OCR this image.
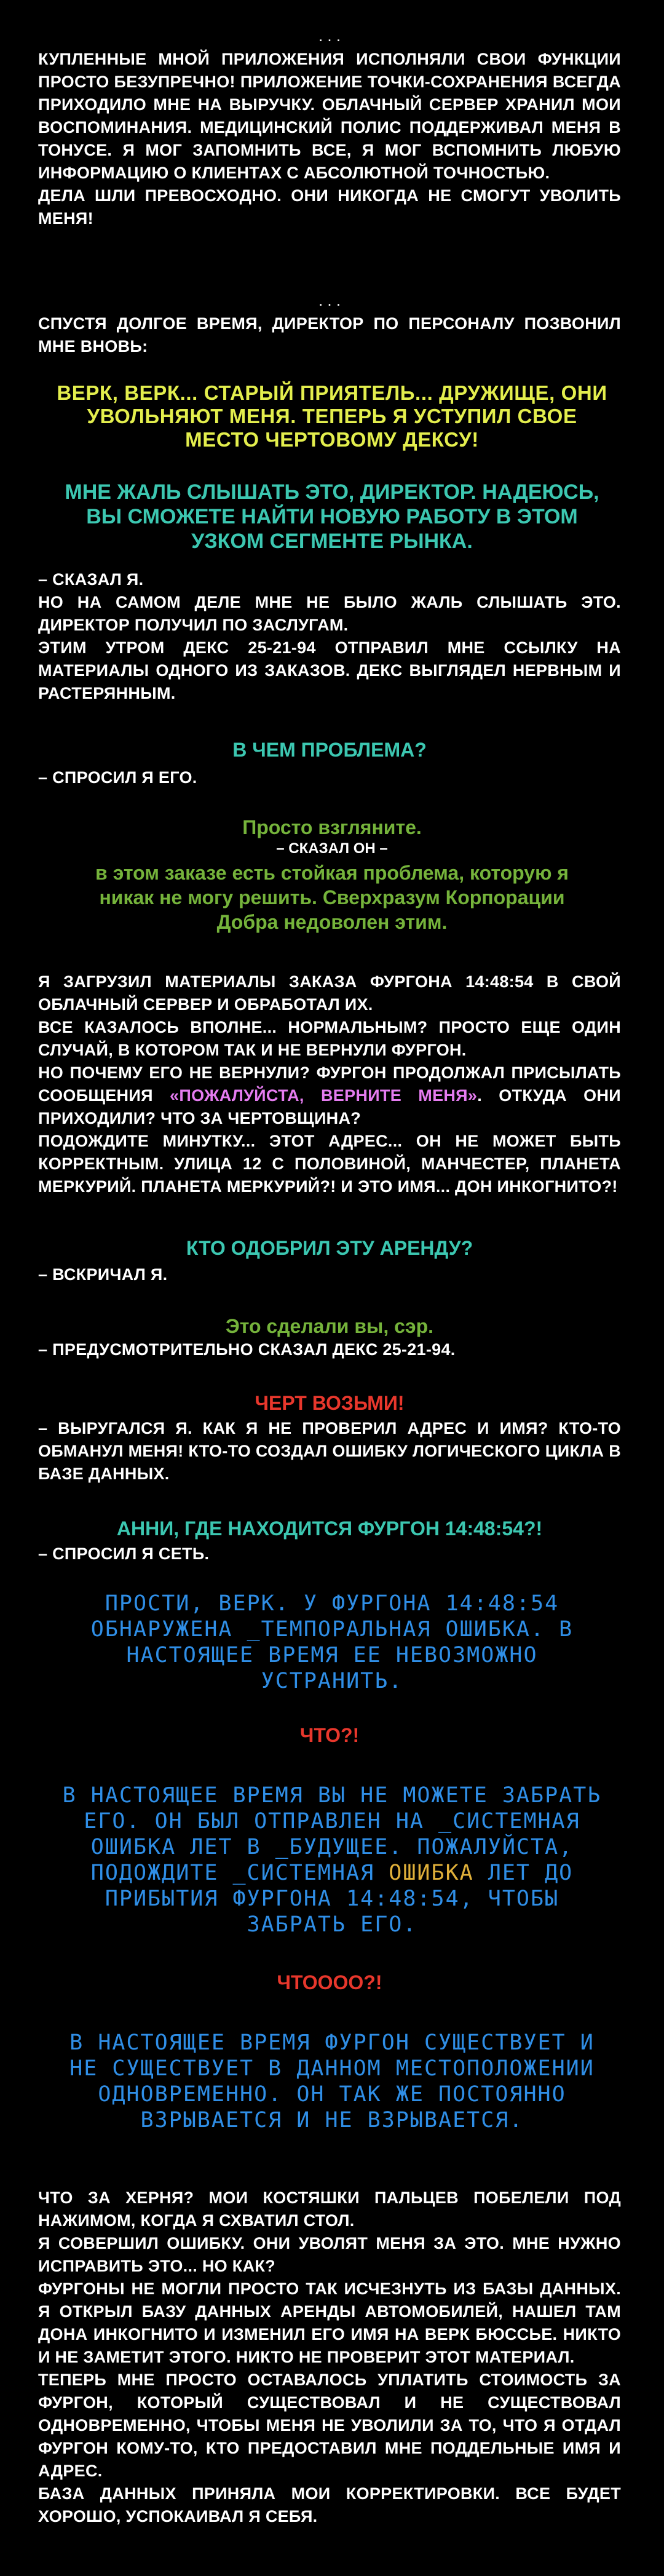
. . .

КУПЛЕННЫЕ МНОЙ ПРИЛОЖЕНИЯ ИСПОЛНЯЛИ СВОИ ФУНКЦИИ ПРОСТО БЕЗУПРЕЧНО! ПРИЛОЖЕНИЕ ТОЧКИ-СОХРАНЕНИЯ ВСЕГДА ПРИХОДИЛО МНЕ НА ВЫРУЧКУ. ОБЛАЧНЫЙ СЕРВЕР ХРАНИЛ МОИ ВОСПОМИНАНИЯ. МЕДИЦИНСКИЙ ПОЛИС ПОДДЕРЖИВАЛ МЕНЯ В ТОНУСЕ. Я МОГ ЗАПОМНИТЬ ВСЕ, Я МОГ ВСПОМНИТЬ ЛЮБУЮ ИНФОРМАЦИЮ О КЛИЕНТАХ С АБСОЛЮТНОЙ ТОЧНОСТЬЮ.

ДЕЛА ШЛИ ПРЕВОСХОДНО. ОНИ НИКОГДА НЕ СМОГУТ УВОЛИТЬ МЕНЯ!

. . .

СПУСТЯ ДОЛГОЕ ВРЕМЯ, ДИРЕКТОР ПО ПЕРСОНАЛУ ПОЗВОНИЛ МНЕ ВНОВЬ:

ВЕРК, ВЕРК... СТАРЫЙ ПРИЯТЕЛЬ... ДРУЖИЩЕ, ОНИ УВОЛЬНЯЮТ МЕНЯ. ТЕПЕРЬ Я УСТУПИЛ СВОЕ МЕСТО ЧЕРТОВОМУ ДЕКСУ!

МНЕ ЖАЛЬ СЛЫШАТЬ ЭТО, ДИРЕКТОР. НАДЕЮСЬ, ВЫ СМОЖЕТЕ НАЙТИ НОВУЮ РАБОТУ В ЭТОМ УЗКОМ СЕГМЕНТЕ РЫНКА.

– СКАЗАЛ Я.

НО НА САМОМ ДЕЛЕ МНЕ НЕ БЫЛО ЖАЛЬ СЛЫШАТЬ ЭТО. ДИРЕКТОР ПОЛУЧИЛ ПО ЗАСЛУГАМ.

ЭТИМ УТРОМ ДЕКС 25-21-94 ОТПРАВИЛ МНЕ ССЫЛКУ НА МАТЕРИАЛЫ ОДНОГО ИЗ ЗАКАЗОВ. ДЕКС ВЫГЛЯДЕЛ НЕРВНЫМ И РАСТЕРЯННЫМ.

В ЧЕМ ПРОБЛЕМА?

– СПРОСИЛ Я ЕГО.

Просто взгляните.

– СКАЗАЛ ОН –

в этом заказе есть стойкая проблема, которую я никак не могу решить. Сверхразум Корпорации Добра недоволен этим.

Я ЗАГРУЗИЛ МАТЕРИАЛЫ ЗАКАЗА ФУРГОНА 14:48:54 В СВОЙ ОБЛАЧНЫЙ СЕРВЕР И ОБРАБОТАЛ ИХ.

ВСЕ КАЗАЛОСЬ ВПОЛНЕ... НОРМАЛЬНЫМ? ПРОСТО ЕЩЕ ОДИН СЛУЧАЙ, В КОТОРОМ ТАК И НЕ ВЕРНУЛИ ФУРГОН.

НО ПОЧЕМУ ЕГО НЕ ВЕРНУЛИ? ФУРГОН ПРОДОЛЖАЛ ПРИСЫЛАТЬ СООБЩЕНИЯ «ПОЖАЛУЙСТА, ВЕРНИТЕ МЕНЯ». ОТКУДА ОНИ ПРИХОДИЛИ? ЧТО ЗА ЧЕРТОВЩИНА?

ПОДОЖДИТЕ МИНУТКУ... ЭТОТ АДРЕС... ОН НЕ МОЖЕТ БЫТЬ КОРРЕКТНЫМ. УЛИЦА 12 С ПОЛОВИНОЙ, МАНЧЕСТЕР, ПЛАНЕТА МЕРКУРИЙ. ПЛАНЕТА МЕРКУРИЙ?! И ЭТО ИМЯ... ДОН ИНКОГНИТО?!

КТО ОДОБРИЛ ЭТУ АРЕНДУ?

– ВСКРИЧАЛ Я.

Это сделали вы, сэр.

– ПРЕДУСМОТРИТЕЛЬНО СКАЗАЛ ДЕКС 25-21-94.

ЧЕРТ ВОЗЬМИ!

– ВЫРУГАЛСЯ Я. КАК Я НЕ ПРОВЕРИЛ АДРЕС И ИМЯ? КТО-ТО ОБМАНУЛ МЕНЯ! КТО-ТО СОЗДАЛ ОШИБКУ ЛОГИЧЕСКОГО ЦИКЛА В БАЗЕ ДАННЫХ.

АННИ, ГДЕ НАХОДИТСЯ ФУРГОН 14:48:54?!

– СПРОСИЛ Я СЕТЬ.

ПРОСТИ, ВЕРК. У ФУРГОНА 14:48:54 ОБНАРУЖЕНА _ТЕМПОРАЛЬНАЯ ОШИБКА. В НАСТОЯЩЕЕ ВРЕМЯ ЕЕ НЕВОЗМОЖНО УСТРАНИТЬ.

ЧТО?!

В НАСТОЯЩЕЕ ВРЕМЯ ВЫ НЕ МОЖЕТЕ ЗАБРАТЬ ЕГО. ОН БЫЛ ОТПРАВЛЕН НА _СИСТЕМНАЯ ОШИБКА ЛЕТ В _БУДУЩЕЕ. ПОЖАЛУЙСТА, ПОДОЖДИТЕ _СИСТЕМНАЯ ОШИБКА ЛЕТ ДО ПРИБЫТИЯ ФУРГОНА 14:48:54, ЧТОБЫ ЗАБРАТЬ ЕГО.

ЧТОООО?!

В НАСТОЯЩЕЕ ВРЕМЯ ФУРГОН СУЩЕСТВУЕТ И НЕ СУЩЕСТВУЕТ В ДАННОМ МЕСТОПОЛОЖЕНИИ ОДНОВРЕМЕННО. ОН ТАК ЖЕ ПОСТОЯННО ВЗРЫВАЕТСЯ И НЕ ВЗРЫВАЕТСЯ.

ЧТО ЗА ХЕРНЯ? МОИ КОСТЯШКИ ПАЛЬЦЕВ ПОБЕЛЕЛИ ПОД НАЖИМОМ, КОГДА Я СХВАТИЛ СТОЛ.

Я СОВЕРШИЛ ОШИБКУ. ОНИ УВОЛЯТ МЕНЯ ЗА ЭТО. МНЕ НУЖНО ИСПРАВИТЬ ЭТО... НО КАК?

ФУРГОНЫ НЕ МОГЛИ ПРОСТО ТАК ИСЧЕЗНУТЬ ИЗ БАЗЫ ДАННЫХ. Я ОТКРЫЛ БАЗУ ДАННЫХ АРЕНДЫ АВТОМОБИЛЕЙ, НАШЕЛ ТАМ ДОНА ИНКОГНИТО И ИЗМЕНИЛ ЕГО ИМЯ НА ВЕРК БЮССЬЕ. НИКТО И НЕ ЗАМЕТИТ ЭТОГО. НИКТО НЕ ПРОВЕРИТ ЭТОТ МАТЕРИАЛ.

ТЕПЕРЬ МНЕ ПРОСТО ОСТАВАЛОСЬ УПЛАТИТЬ СТОИМОСТЬ ЗА ФУРГОН, КОТОРЫЙ СУЩЕСТВОВАЛ И НЕ СУЩЕСТВОВАЛ ОДНОВРЕМЕННО, ЧТОБЫ МЕНЯ НЕ УВОЛИЛИ ЗА ТО, ЧТО Я ОТДАЛ ФУРГОН КОМУ-ТО, КТО ПРЕДОСТАВИЛ МНЕ ПОДДЕЛЬНЫЕ ИМЯ И АДРЕС.

БАЗА ДАННЫХ ПРИНЯЛА МОИ КОРРЕКТИРОВКИ. ВСЕ БУДЕТ ХОРОШО, УСПОКАИВАЛ Я СЕБЯ.
